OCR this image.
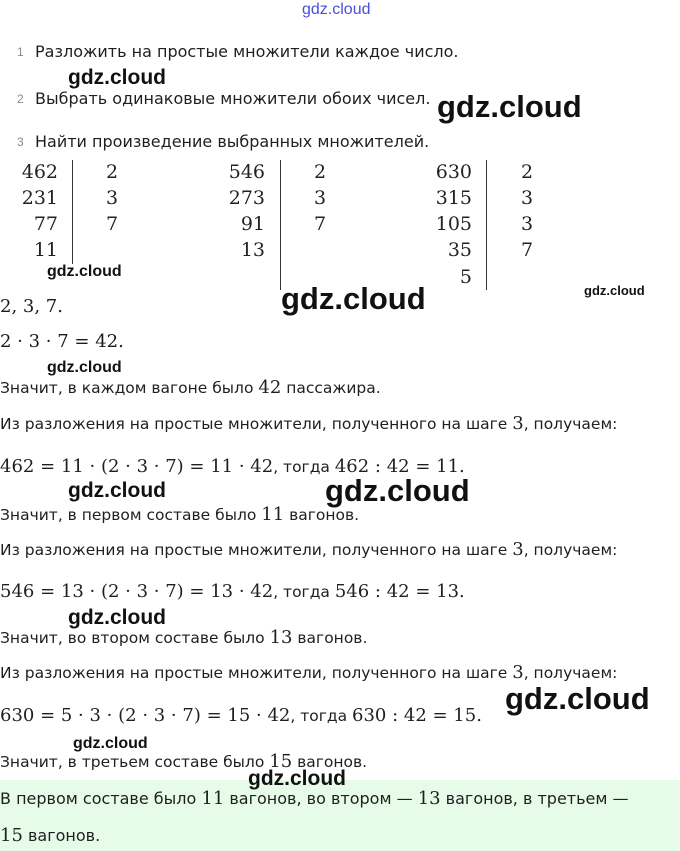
gdz.cloud
1 Разложить на простые множители каждое число.
2 Выбрать одинаковые множители обоих чисел.
3 Найти произведение выбранных множителей.
462
231
77
11
2
3
7
546
273
91
13
2
3
7
630
315
105
35
5
2
3
3
7
2, 3, 7.
2 · 3 · 7 = 42.
Значит, в каждом вагоне было 42 пассажира.
Из разложения на простые множители, полученного на шаге 3, получаем:
462 = 11 · (2 · 3 · 7) = 11 · 42, тогда 462 : 42 = 11.
Значит, в первом составе было 11 вагонов.
Из разложения на простые множители, полученного на шаге 3, получаем:
546 = 13 · (2 · 3 · 7) = 13 · 42, тогда 546 : 42 = 13.
Значит, во втором составе было 13 вагонов.
Из разложения на простые множители, полученного на шаге 3, получаем:
630 = 5 · 3 · (2 · 3 · 7) = 15 · 42, тогда 630 : 42 = 15.
Значит, в третьем составе было 15 вагонов.
В первом составе было 11 вагонов, во втором — 13 вагонов, в третьем —
15 вагонов.
gdz.cloud
gdz.cloud
gdz.cloud
gdz.cloud	gdz.cloud
gdz.cloud
gdz.cloud	gdz.cloud
gdz.cloud
gdz.cloud
gdz.cloud
gdz.cloud
